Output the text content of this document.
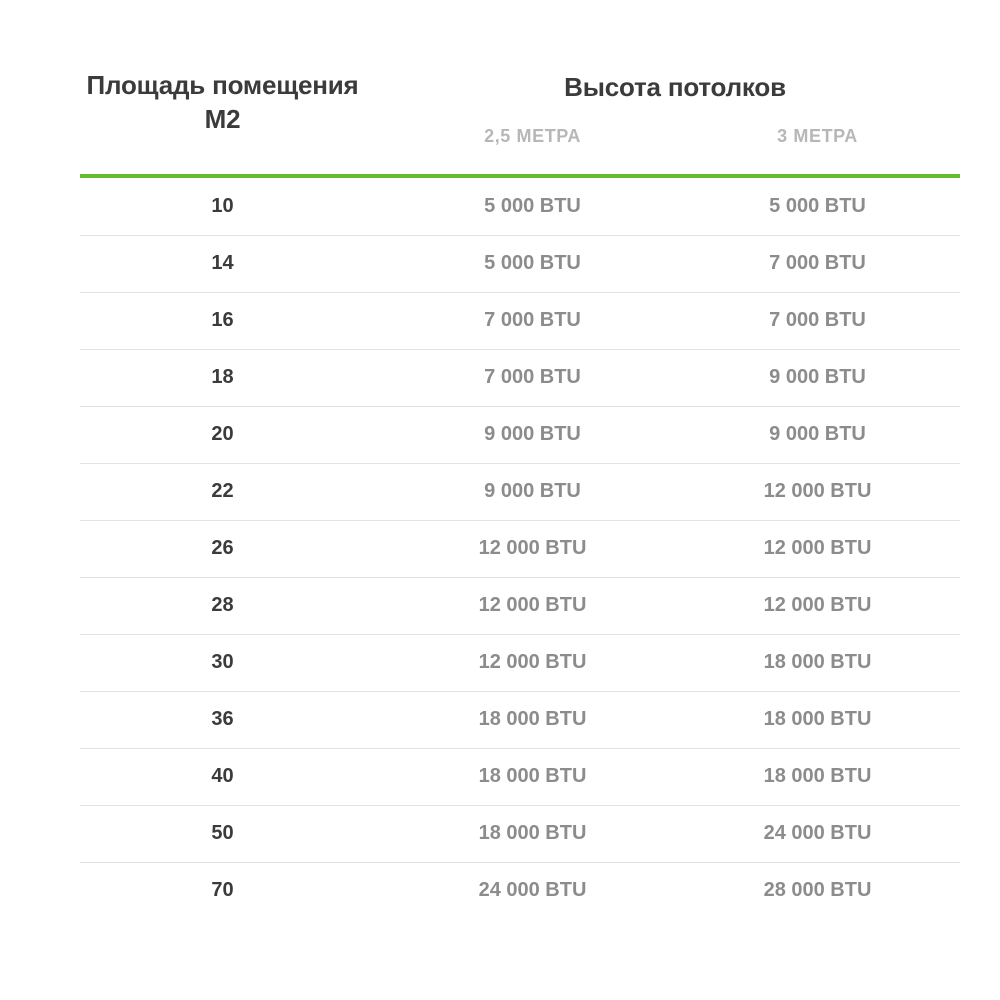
Площадь помещения М2
Высота потолков
2,5 МЕТРА	3 МЕТРА
10	5 000 BTU	5 000 BTU
14	5 000 BTU	7 000 BTU
16	7 000 BTU	7 000 BTU
18	7 000 BTU	9 000 BTU
20	9 000 BTU	9 000 BTU
22	9 000 BTU	12 000 BTU
26	12 000 BTU	12 000 BTU
28	12 000 BTU	12 000 BTU
30	12 000 BTU	18 000 BTU
36	18 000 BTU	18 000 BTU
40	18 000 BTU	18 000 BTU
50	18 000 BTU	24 000 BTU
70	24 000 BTU	28 000 BTU
